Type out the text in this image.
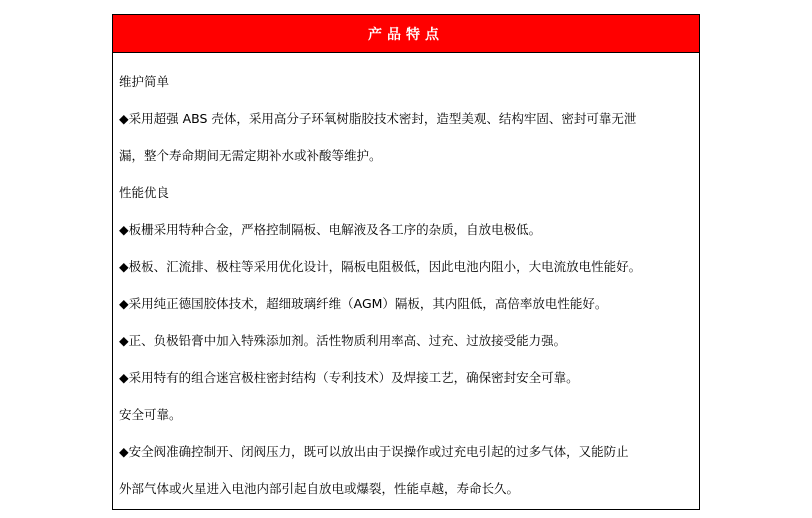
产品特点
维护简单
◆采用超强 ABS 壳体，采用高分子环氧树脂胶技术密封，造型美观、结构牢固、密封可靠无泄
漏，整个寿命期间无需定期补水或补酸等维护。
性能优良
◆板栅采用特种合金，严格控制隔板、电解液及各工序的杂质，自放电极低。
◆极板、汇流排、极柱等采用优化设计，隔板电阻极低，因此电池内阻小，大电流放电性能好。
◆采用纯正德国胶体技术，超细玻璃纤维（AGM）隔板，其内阻低，高倍率放电性能好。
◆正、负极铅膏中加入特殊添加剂。活性物质利用率高、过充、过放接受能力强。
◆采用特有的组合迷宫极柱密封结构（专利技术）及焊接工艺，确保密封安全可靠。
安全可靠。
◆安全阀准确控制开、闭阀压力，既可以放出由于误操作或过充电引起的过多气体，又能防止
外部气体或火星进入电池内部引起自放电或爆裂，性能卓越，寿命长久。
